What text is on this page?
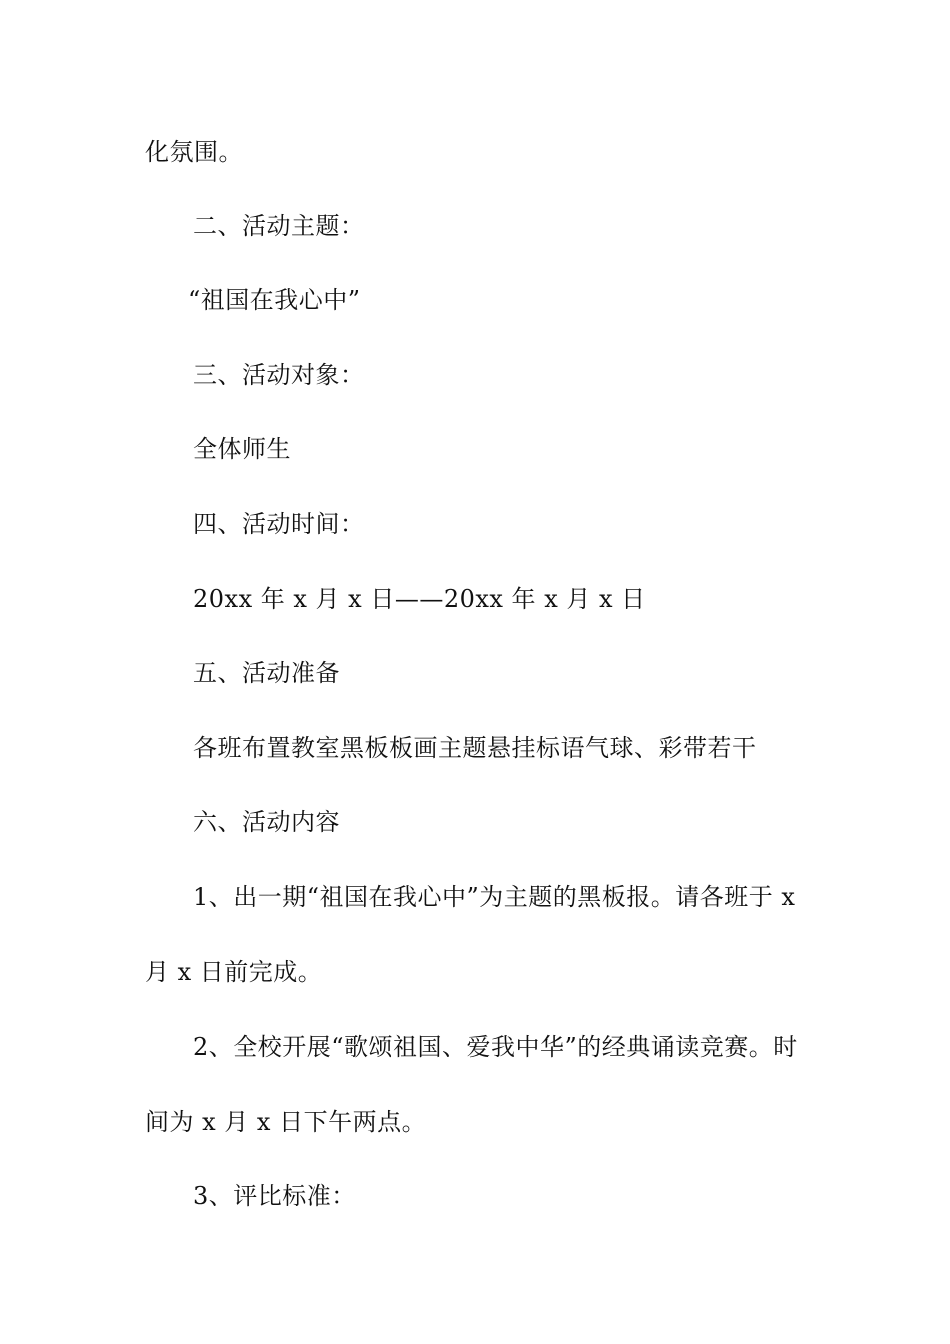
化氛围。
二、活动主题：
“祖国在我心中”
三、活动对象：
全体师生
四、活动时间：
20xx 年 x 月 x 日——20xx 年 x 月 x 日
五、活动准备
各班布置教室黑板板画主题悬挂标语气球、彩带若干
六、活动内容
1、出一期“祖国在我心中”为主题的黑板报。请各班于 x
月 x 日前完成。
2、全校开展“歌颂祖国、爱我中华”的经典诵读竞赛。时
间为 x 月 x 日下午两点。
3、评比标准：
